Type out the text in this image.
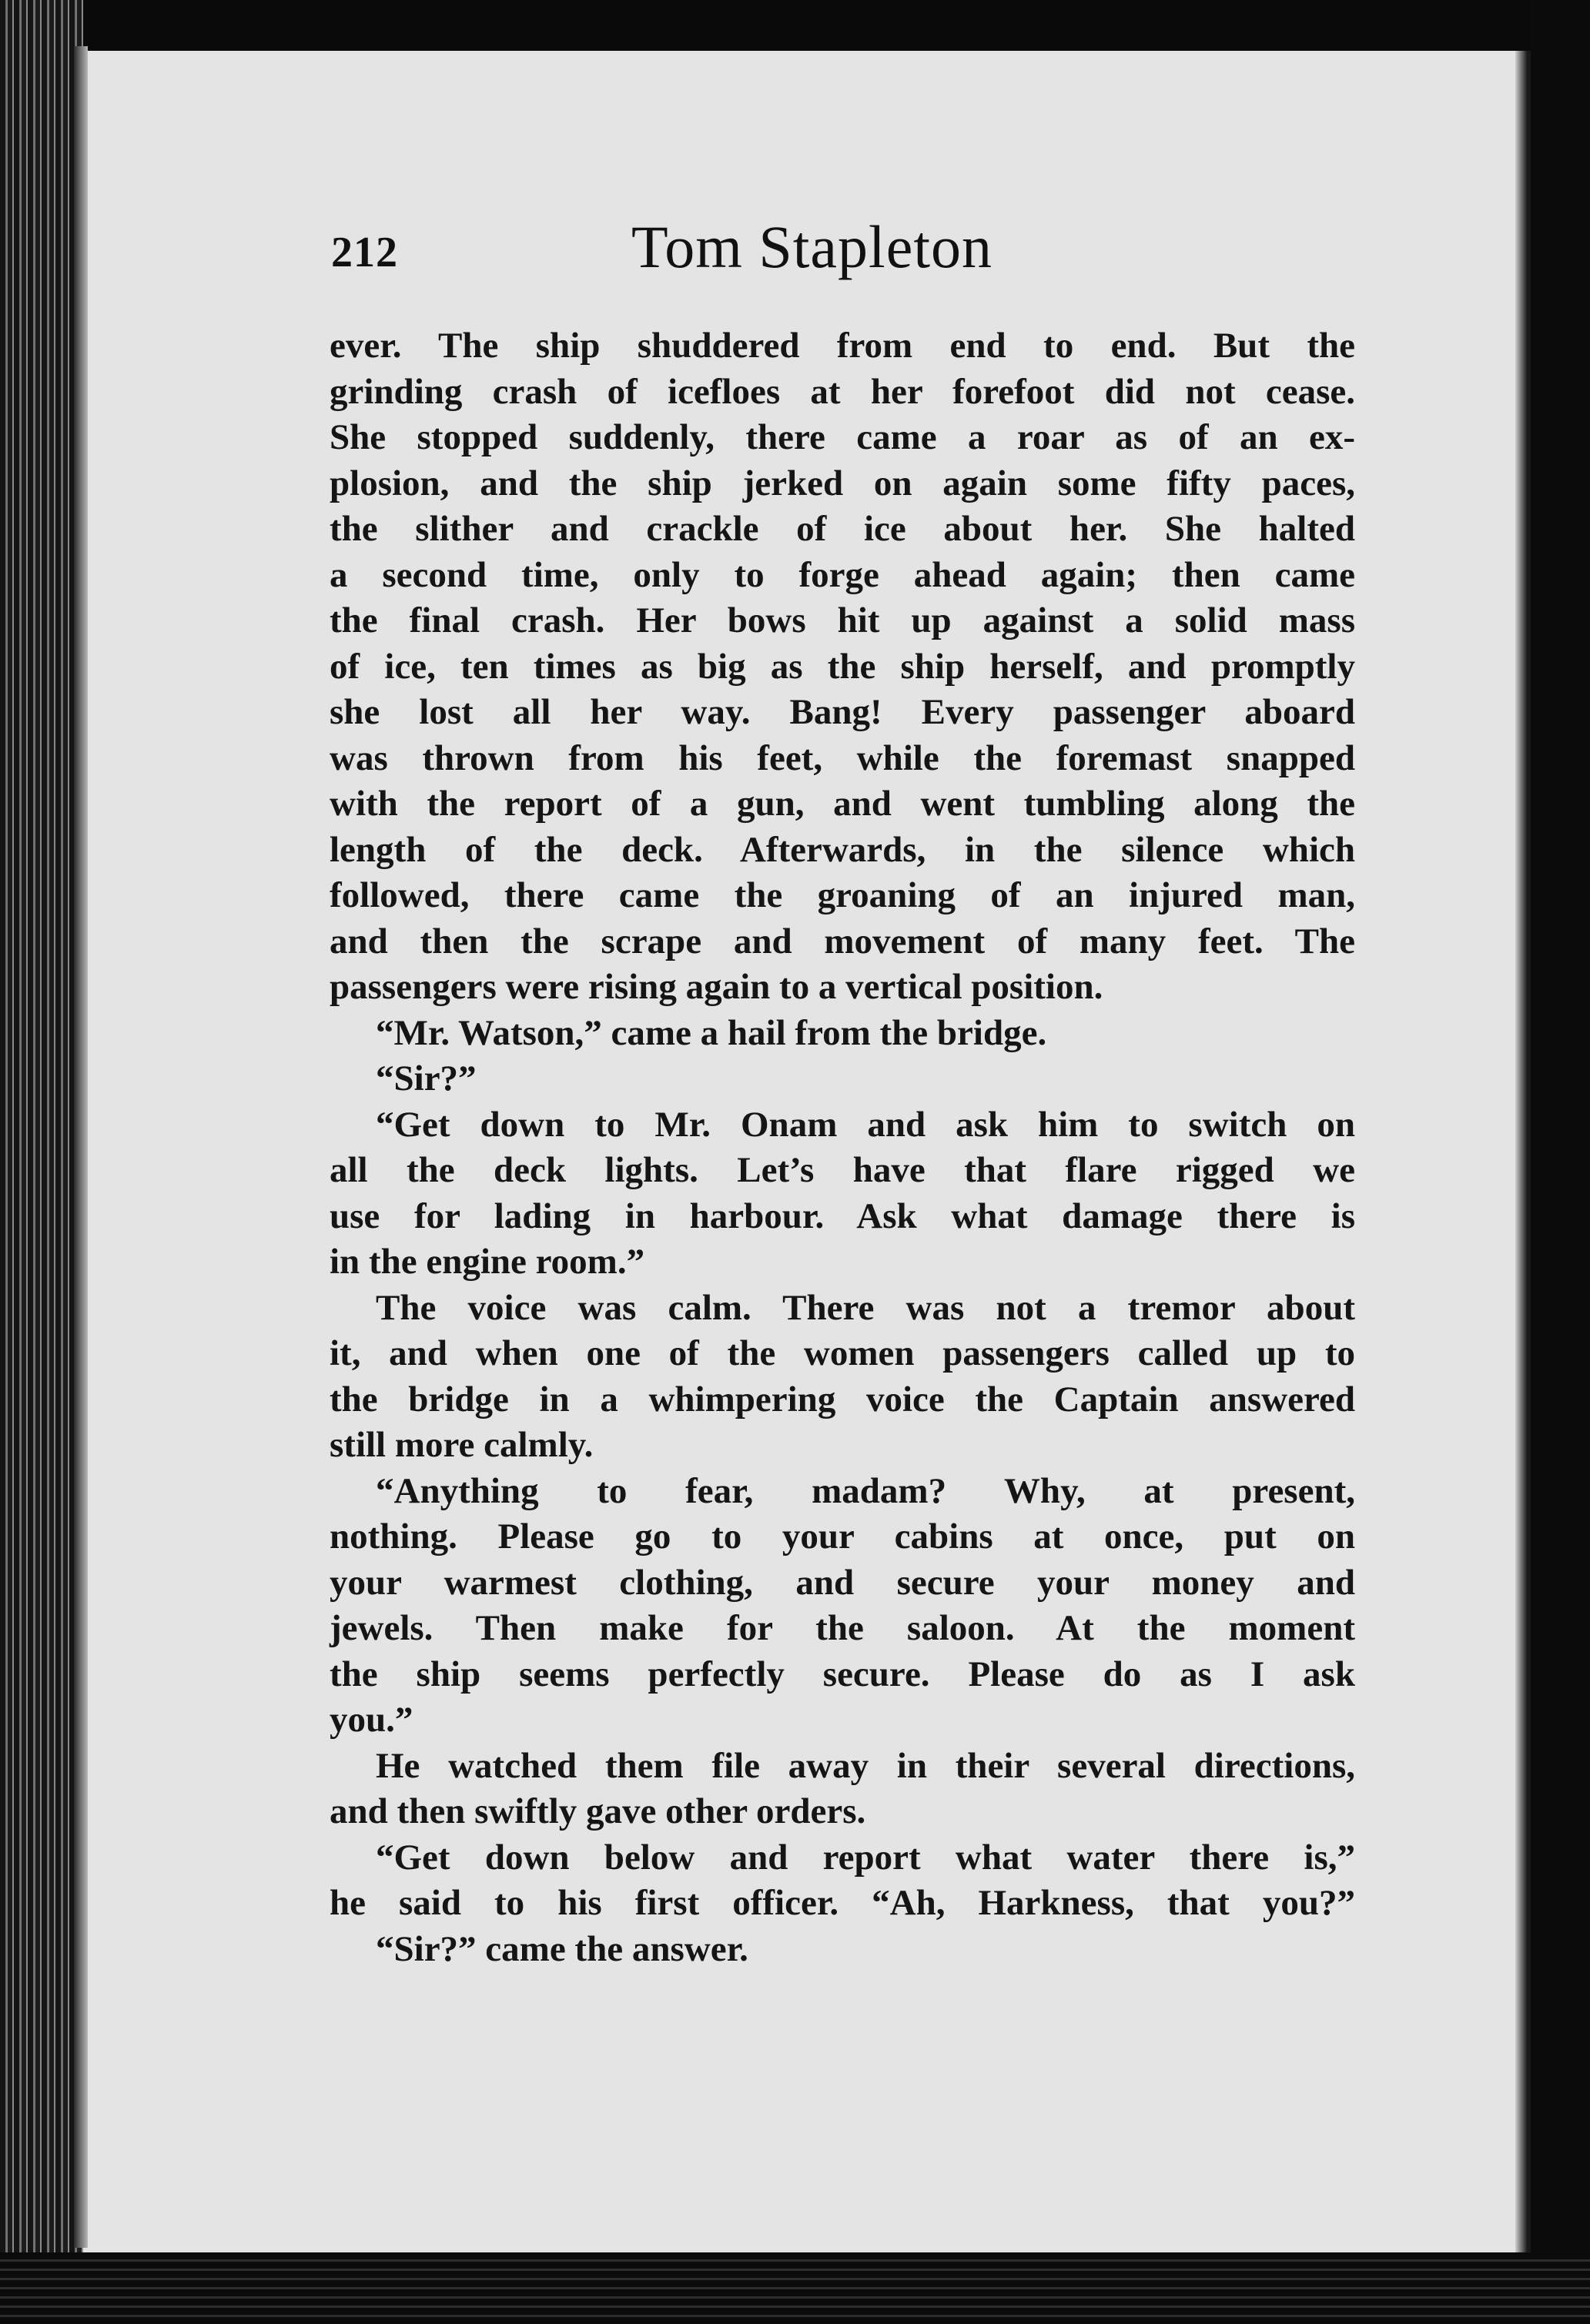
212	Tom Stapleton
ever. The ship shuddered from end to end. But the
grinding crash of icefloes at her forefoot did not cease.
She stopped suddenly, there came a roar as of an ex-
plosion, and the ship jerked on again some fifty paces,
the slither and crackle of ice about her. She halted
a second time, only to forge ahead again; then came
the final crash. Her bows hit up against a solid mass
of ice, ten times as big as the ship herself, and promptly
she lost all her way. Bang! Every passenger aboard
was thrown from his feet, while the foremast snapped
with the report of a gun, and went tumbling along the
length of the deck. Afterwards, in the silence which
followed, there came the groaning of an injured man,
and then the scrape and movement of many feet. The
passengers were rising again to a vertical position.
“Mr. Watson,” came a hail from the bridge.
“Sir?”
“Get down to Mr. Onam and ask him to switch on
all the deck lights. Let’s have that flare rigged we
use for lading in harbour. Ask what damage there is
in the engine room.”
The voice was calm. There was not a tremor about
it, and when one of the women passengers called up to
the bridge in a whimpering voice the Captain answered
still more calmly.
“Anything to fear, madam? Why, at present,
nothing. Please go to your cabins at once, put on
your warmest clothing, and secure your money and
jewels. Then make for the saloon. At the moment
the ship seems perfectly secure. Please do as I ask
you.”
He watched them file away in their several directions,
and then swiftly gave other orders.
“Get down below and report what water there is,”
he said to his first officer. “Ah, Harkness, that you?”
“Sir?” came the answer.
